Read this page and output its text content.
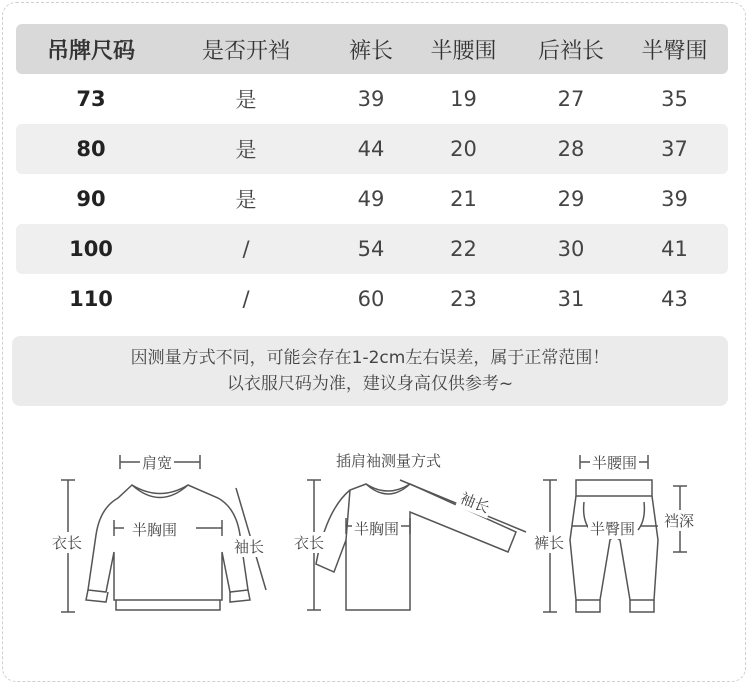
吊牌尺码	是否开裆	裤长	半腰围	后裆长	半臀围
73	是	39	19	27	35
80	是	44	20	28	37
90	是	49	21	29	39
100	/	54	22	30	41
110	/	60	23	31	43
因测量方式不同，可能会存在1-2cm左右误差，属于正常范围！
以衣服尺码为准，建议身高仅供参考~
肩宽
衣长
半胸围
袖长
插肩袖测量方式
衣长
半胸围
袖长
半腰围
裤长
半臀围 裆深
